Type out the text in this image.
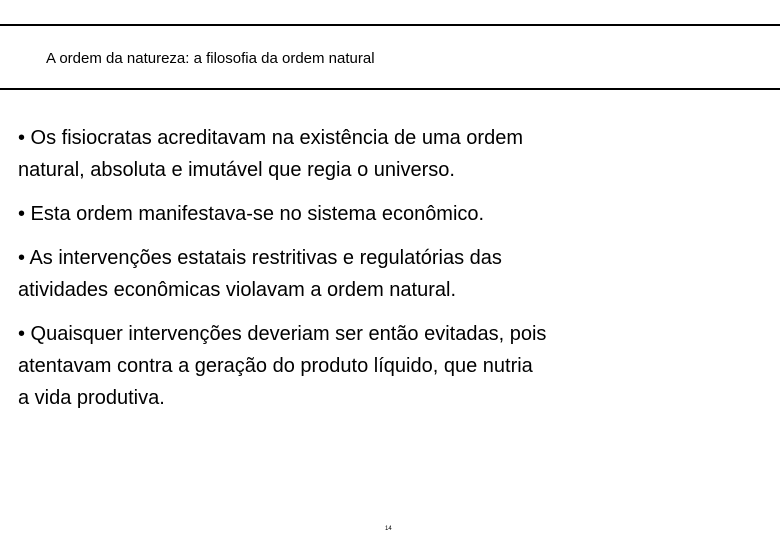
A ordem da natureza: a filosofia da ordem natural

• Os fisiocratas acreditavam na existência de uma ordem
natural, absoluta e imutável que regia o universo.

• Esta ordem manifestava-se no sistema econômico.

• As intervenções estatais restritivas e regulatórias das
atividades econômicas violavam a ordem natural.

• Quaisquer intervenções deveriam ser então evitadas, pois
atentavam contra a geração do produto líquido, que nutria
a vida produtiva.

14
